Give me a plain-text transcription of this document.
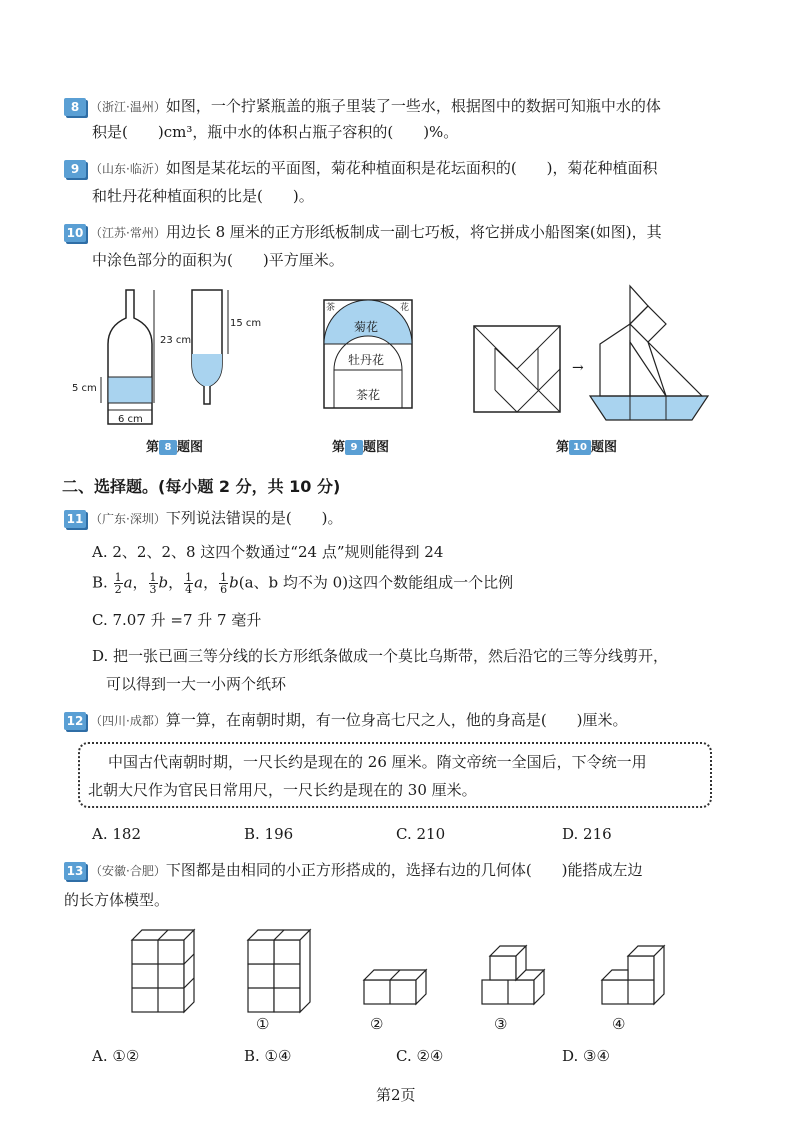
8 （浙江·温州）如图，一个拧紧瓶盖的瓶子里装了一些水，根据图中的数据可知瓶中水的体
积是(　　)cm³，瓶中水的体积占瓶子容积的(　　)%。
9 （山东·临沂）如图是某花坛的平面图，菊花种植面积是花坛面积的(　　)，菊花种植面积
和牡丹花种植面积的比是(　　)。
10 （江苏·常州）用边长 8 厘米的正方形纸板制成一副七巧板，将它拼成小船图案(如图)，其
中涂色部分的面积为(　　)平方厘米。
23 cm
15 cm
5 cm
6 cm
第 8 题图
茶	花
菊花
牡丹花
茶花
第 9 题图
→
第 10 题图
二、选择题。(每小题 2 分，共 10 分)
11 （广东·深圳）下列说法错误的是(　　)。
A. 2、2、2、8 这四个数通过“24 点”规则能得到 24
B. $\frac{1}{2}$ a， $\frac{1}{3}$ b， $\frac{1}{4}$ a， $\frac{1}{6} b(a$、b 均不为 0)这四个数能组成一个比例
C. 7.07 升 =7 升 7 毫升
D. 把一张已画三等分线的长方形纸条做成一个莫比乌斯带，然后沿它的三等分线剪开，
可以得到一大一小两个纸环
12 （四川·成都）算一算，在南朝时期，有一位身高七尺之人，他的身高是(　　)厘米。
中国古代南朝时期，一尺长约是现在的 26 厘米。隋文帝统一全国后，下令统一用
北朝大尺作为官民日常用尺，一尺长约是现在的 30 厘米。
A. 182	B. 196	C. 210	D. 216
13 （安徽·合肥）下图都是由相同的小正方形搭成的，选择右边的几何体(　　)能搭成左边
的长方体模型。
①	②	③	④
A. ①②	B. ①④	C. ②④	D. ③④
第2页
